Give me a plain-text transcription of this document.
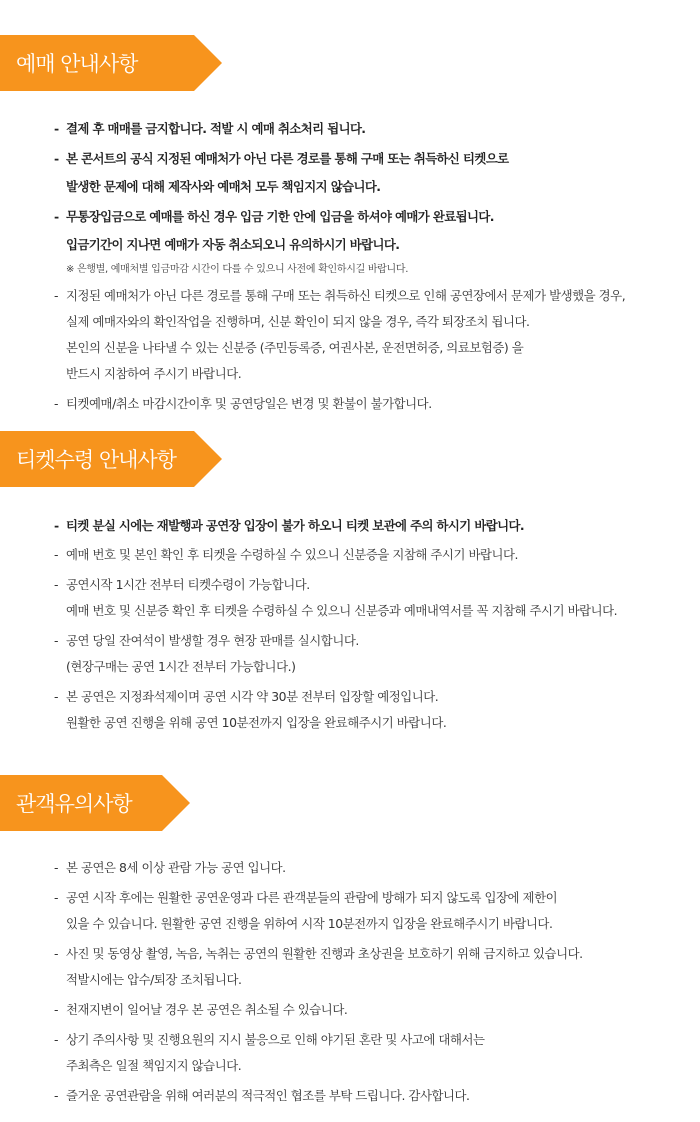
예매 안내사항
- 결제 후 매매를 금지합니다. 적발 시 예매 취소처리 됩니다.
- 본 콘서트의 공식 지정된 예매처가 아닌 다른 경로를 통해 구매 또는 취득하신 티켓으로
발생한 문제에 대해 제작사와 예매처 모두 책임지지 않습니다.
- 무통장입금으로 예매를 하신 경우 입금 기한 안에 입금을 하셔야 예매가 완료됩니다.
입금기간이 지나면 예매가 자동 취소되오니 유의하시기 바랍니다.
※ 은행별, 예매처별 입금마감 시간이 다를 수 있으니 사전에 확인하시길 바랍니다.
- 지정된 예매처가 아닌 다른 경로를 통해 구매 또는 취득하신 티켓으로 인해 공연장에서 문제가 발생했을 경우,
실제 예매자와의 확인작업을 진행하며, 신분 확인이 되지 않을 경우, 즉각 퇴장조치 됩니다.
본인의 신분을 나타낼 수 있는 신분증 (주민등록증, 여권사본, 운전면허증, 의료보험증) 을
반드시 지참하여 주시기 바랍니다.
- 티켓예매/취소 마감시간이후 및 공연당일은 변경 및 환불이 불가합니다.
티켓수령 안내사항
- 티켓 분실 시에는 재발행과 공연장 입장이 불가 하오니 티켓 보관에 주의 하시기 바랍니다.
- 예매 번호 및 본인 확인 후 티켓을 수령하실 수 있으니 신분증을 지참해 주시기 바랍니다.
- 공연시작 1시간 전부터 티켓수령이 가능합니다.
예매 번호 및 신분증 확인 후 티켓을 수령하실 수 있으니 신분증과 예매내역서를 꼭 지참해 주시기 바랍니다.
- 공연 당일 잔여석이 발생할 경우 현장 판매를 실시합니다.
(현장구매는 공연 1시간 전부터 가능합니다.)
- 본 공연은 지정좌석제이며 공연 시각 약 30분 전부터 입장할 예정입니다.
원활한 공연 진행을 위해 공연 10분전까지 입장을 완료해주시기 바랍니다.
관객유의사항
- 본 공연은 8세 이상 관람 가능 공연 입니다.
- 공연 시작 후에는 원활한 공연운영과 다른 관객분들의 관람에 방해가 되지 않도록 입장에 제한이
있을 수 있습니다. 원활한 공연 진행을 위하여 시작 10분전까지 입장을 완료해주시기 바랍니다.
- 사진 및 동영상 촬영, 녹음, 녹취는 공연의 원활한 진행과 초상권을 보호하기 위해 금지하고 있습니다.
적발시에는 압수/퇴장 조치됩니다.
- 천재지변이 일어날 경우 본 공연은 취소될 수 있습니다.
- 상기 주의사항 및 진행요원의 지시 불응으로 인해 야기된 혼란 및 사고에 대해서는
주최측은 일절 책임지지 않습니다.
- 즐거운 공연관람을 위해 여러분의 적극적인 협조를 부탁 드립니다. 감사합니다.
